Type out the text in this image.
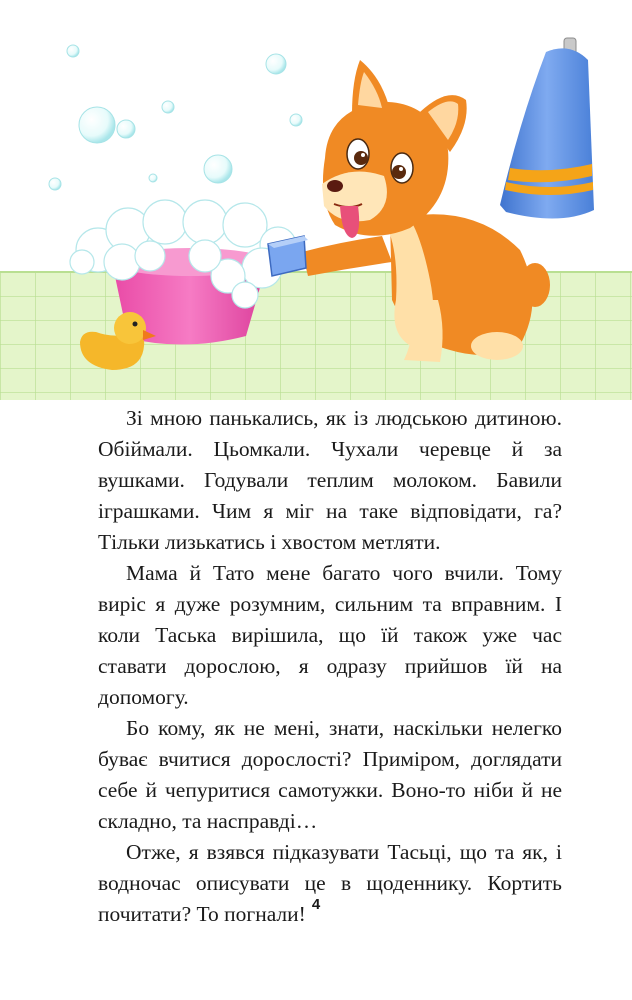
Зі мною панькались, як із людською дитиною. Обіймали. Цьомкали. Чухали черевце й за вушками. Годували теплим молоком. Бавили іграшками. Чим я міг на таке відповідати, га? Тільки лизькатись і хвостом метляти.

Мама й Тато мене багато чого вчили. Тому виріс я дуже розумним, сильним та вправним. І коли Таська вирішила, що їй також уже час ставати дорослою, я одразу прийшов їй на допомогу.

Бо кому, як не мені, знати, наскільки нелегко буває вчитися дорослості? Приміром, доглядати себе й чепуритися самотужки. Воно-то ніби й не складно, та насправді…

Отже, я взявся підказувати Тасьці, що та як, і водночас описувати це в щоденнику. Кортить почитати? То погнали! 4
